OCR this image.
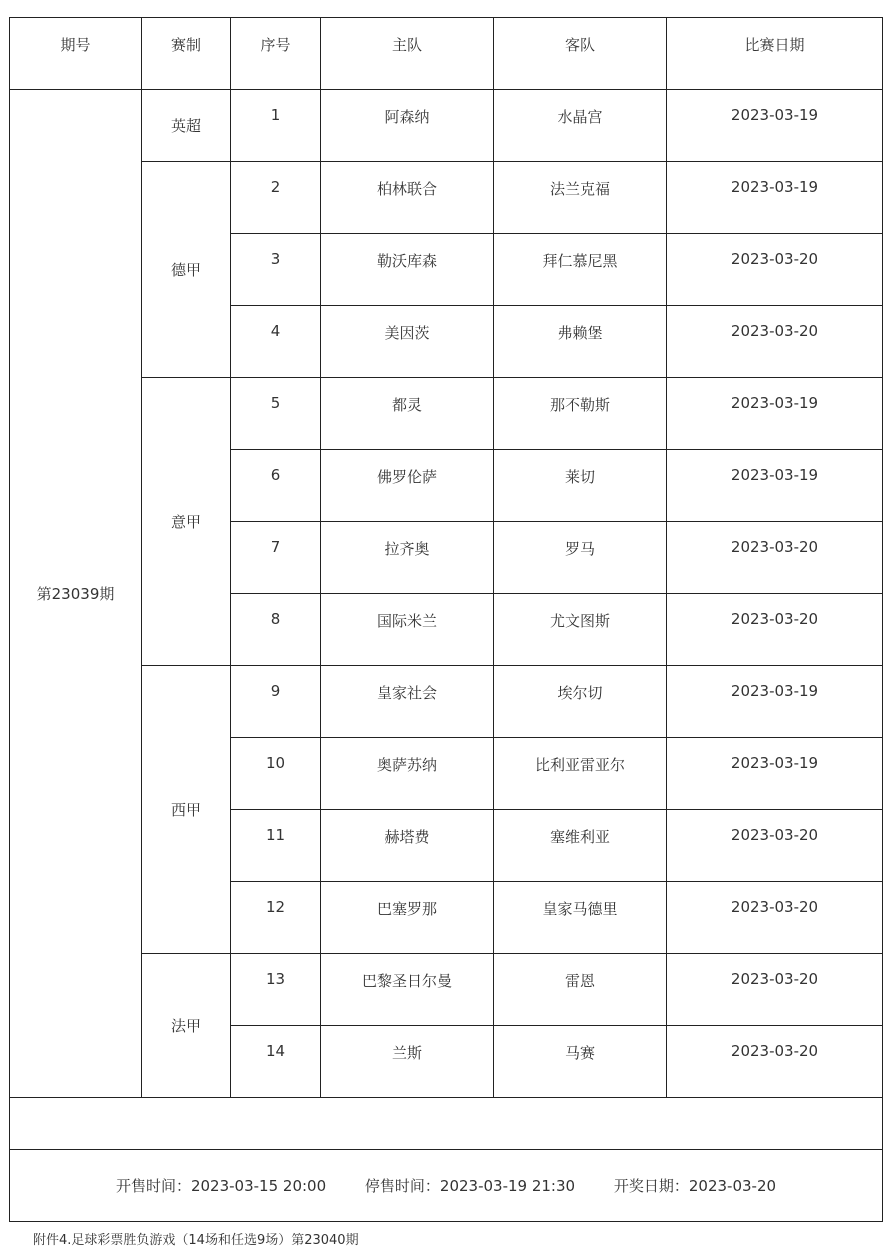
期号	赛制	序号	主队	客队	比赛日期

第23039期	英超	1	阿森纳	水晶宫	2023-03-19

	德甲	2	柏林联合	法兰克福	2023-03-19

		3	勒沃库森	拜仁慕尼黑	2023-03-20

		4	美因茨	弗赖堡	2023-03-20

	意甲	5	都灵	那不勒斯	2023-03-19

		6	佛罗伦萨	莱切	2023-03-19

		7	拉齐奥	罗马	2023-03-20

		8	国际米兰	尤文图斯	2023-03-20

	西甲	9	皇家社会	埃尔切	2023-03-19

		10	奥萨苏纳	比利亚雷亚尔	2023-03-19

		11	赫塔费	塞维利亚	2023-03-20

		12	巴塞罗那	皇家马德里	2023-03-20

	法甲	13	巴黎圣日尔曼	雷恩	2023-03-20

		14	兰斯	马赛	2023-03-20

开售时间：2023-03-15 20:00 停售时间：2023-03-19 21:30 开奖日期：2023-03-20					
附件4.足球彩票胜负游戏（14场和任选9场）第23040期
